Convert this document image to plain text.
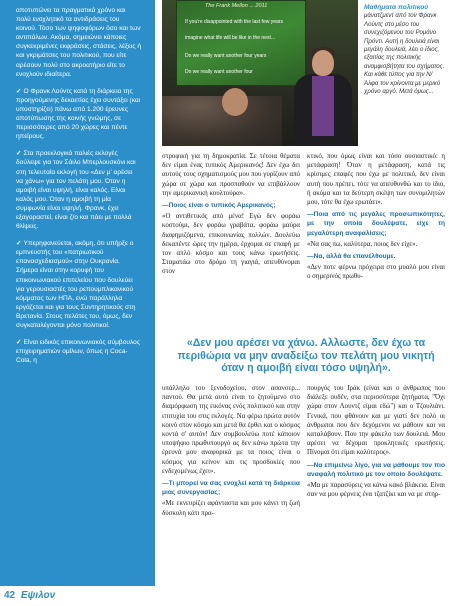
αποτυπώνει τα πραγματικά χρόνο και πολύ ενοχλητικό τα αντιδράσεις του κοινού. Τόσο των ψηφοφόρων όσο και των αντιπάλων. Ακόμα, σημειώνει κάποιες συγκεκριμένες εκφράσεις, στάσεις, λέξεις ή και γκριμάτσες του πολιτικού, που είτε αρέσουν πολύ στο ακροατήριο είτε το ενοχλούν ιδιαίτερα.

✓ Ο Φρανκ Λούντς κατά τη διάρκεια της προηγούμενης δεκαετίας έχει συντάξει (και υποστηρίζει) πάνω από 1.200 έρευνες αποτύπωσης της κοινής γνώμης, σε περισσότερες από 20 χώρες και πέντε ηπείρους.

✓ Στα προεκλογικά παλιές εκλογές δούλεψε για τον Σάιλο Μπερλουσκόνι και στη τελευταία εκλογή του «Δεν μ' αρέσει να χάνω» για τον πελάτη μου. Όταν η αμοιβή είναι υψηλή, είναι καλός. Είναι καλός μου. Όταν η αμοιβή τη μία συμφωνία είναι υψηλή. Φρανκ, έχει εξαγοραστεί, είναι ζ/ο και πάει με πολλά θλίψεις.

✓ Υπερηφανεύεται, ακόμη, ότι υπήρξε ο εμπνευστής του «πατριωτικού επανασχεδιασμού» στην Ουκρανία. Σήμερα είναι στην κορυφή του επικοινωνιακού επιτελείου που δουλεύει για γερουσιαστές του ρεπουμπλικανικού κόμματος των ΗΠΑ, ενώ παράλληλα εργάζεται και για τους Συντηρητικούς στη Βρετανία. Στους πελάτες του, όμως, δεν συγκαταλέγονται μόνο πολιτικοί.

✓ Είναι ειδικός επικοινωνιακός σύμβουλος επιχειρηματιών ομίλων, όπως η Coca-Cola, η

The Frank Mellon ... 2011
If you're disappointed with the last few years
imagine what life will be like in the next...
Do we really want another four years
Do we really want another four
Μαθήματα πολιτικού μάνατζμεντ από τον Φρανκ Λούντς στο μέσο του συνεχιζόμενου του Ρομάνο Πρόντι. Αυτή η δουλειά είναι μεγάλη δουλειά, λέει ο ίδιος, εξαιτίας της πολιτικής αναμφισβήτητα του σχήματος. Και κάθε τύπος για την Ν/ Άλφα τον κρίνοντα με μερικό χρόνο αργό. Μετά όμως...

στροφική για τη δημοκρατία. Σε τέτοια θέματα δεν είμαι ένας τυπικός Αμερικανός! Δεν έχω δει αυτούς τους σχηματισμούς μου που γυρίζουν από χώρα σε χώρα και προσπαθούν να επιβάλλουν την αμερικανική κουλτούρα».

—Ποιος είναι ο τυπικός Αμερικανός;

«Ο αντιθετικός από μένα! Εγώ δεν φοράω κοστούμι, δεν φοράω γραβάτα, φοράω μαύρα διαφημιζόμενα, επικοινωνίας πολλών. Δουλεύω δεκαπέντε ώρες την ημέρα, έρχομαι σε επαφή με τον απλό κόσμο και τους κάνω ερωτήσεις. Σταματάω στο δρόμο τη γιαγιά, απευθύνομαι στον

κτικό, που όμως είναι και τόσο ουσιαστικό: η μετάφραση! Όταν η μετάφραση, κατά τις κρίσιμες επαφές που έχω με πολιτικό, δεν είναι αυτή που πρέπει, τότε να απευθυνθώ και το ίδιο, ή ακόμα και τα δεύτερη σκέψη των συνομιλητών μου, τότε θα έχω ερωτάει».

—Ποια από τις μεγάλες προσωπικότητες, με την οποία δουλέψατε, είχε τη μεγαλύτερη αναφαλίσεις;

«Να σας πω, καλύτερα, ποιος δεν είχε».

—Να, αλλά θα επανέλθουμε.

«Δεν ποτε φέρνω πρόχειρα στο μυαλό μου είναι ο σημερινός πρωθυ-

«Δεν μου αρέσει να χάνω. Αλλωστε, δεν έχω τα περιθώρια να μην αναδείξω τον πελάτη μου νικητή όταν η αμοιβή είναι τόσο υψηλή».

υπάλληλο του ξενοδοχείου, στον ασανσερ... παντού. Θα μετά αυτό είναι το ζητούμενο στο διαμόρφωση της εικόνας ενός πολιτικού και στην επιτυχία του στις εκλογές. Να φέρω πρώτα αυτόν κοινό στον κόσμο και μετά θα έρθει και ο κόσμος κοντά σ' αυτόν! Δεν συμβουλεύω ποτέ κάποιον υποψήφιο πρωθυπουργό ας δεν κάνω πρώτα την έρευνά μου αναφορικά με τα ποιος είναι ο κόσμος για κείνον και τις προσδοκίες που ενδεχομένως έχει».

—Τι μπορεί να σας ενοχλεί κατά τη διάρκεια μιας συνεργασίας;

«Με εκνευρίζει αφάνταστα και μου κάνει τη ζωή δύσκολη κάτι πρα-

πουργός του Ιράκ (είναι και ο άνθρωπος που διάλεξε ουδέν, στα περισσότερα ζητήματα, "Όχι χώρα στον Λουντζ είμαι εδώ") και ο Τζουλιάνι. Γενικά, που φθάνουν και με γιατί δεν πολύ οι άνθρωποι που δεν δεχόμενοι να μάθουν και να καταλάβουν. Που την φάκελο των δουλειά. Μου αρέσει να δέχομαι προκλητικές ερωτήσεις. Πίνομαι ότι είμαι καλύτερος».

—Να επιμείνω λίγο, για να μάθουμε τον πιο αναφαλή πολιτικό με τον οποίο δουλέψατε.

«Μα με παρασύρεις να κάνω κακό βλάκεια. Είναι σαν να μου φέρνεις ένα τζατζίκι και να με στηρ-

42 Εψιλον
